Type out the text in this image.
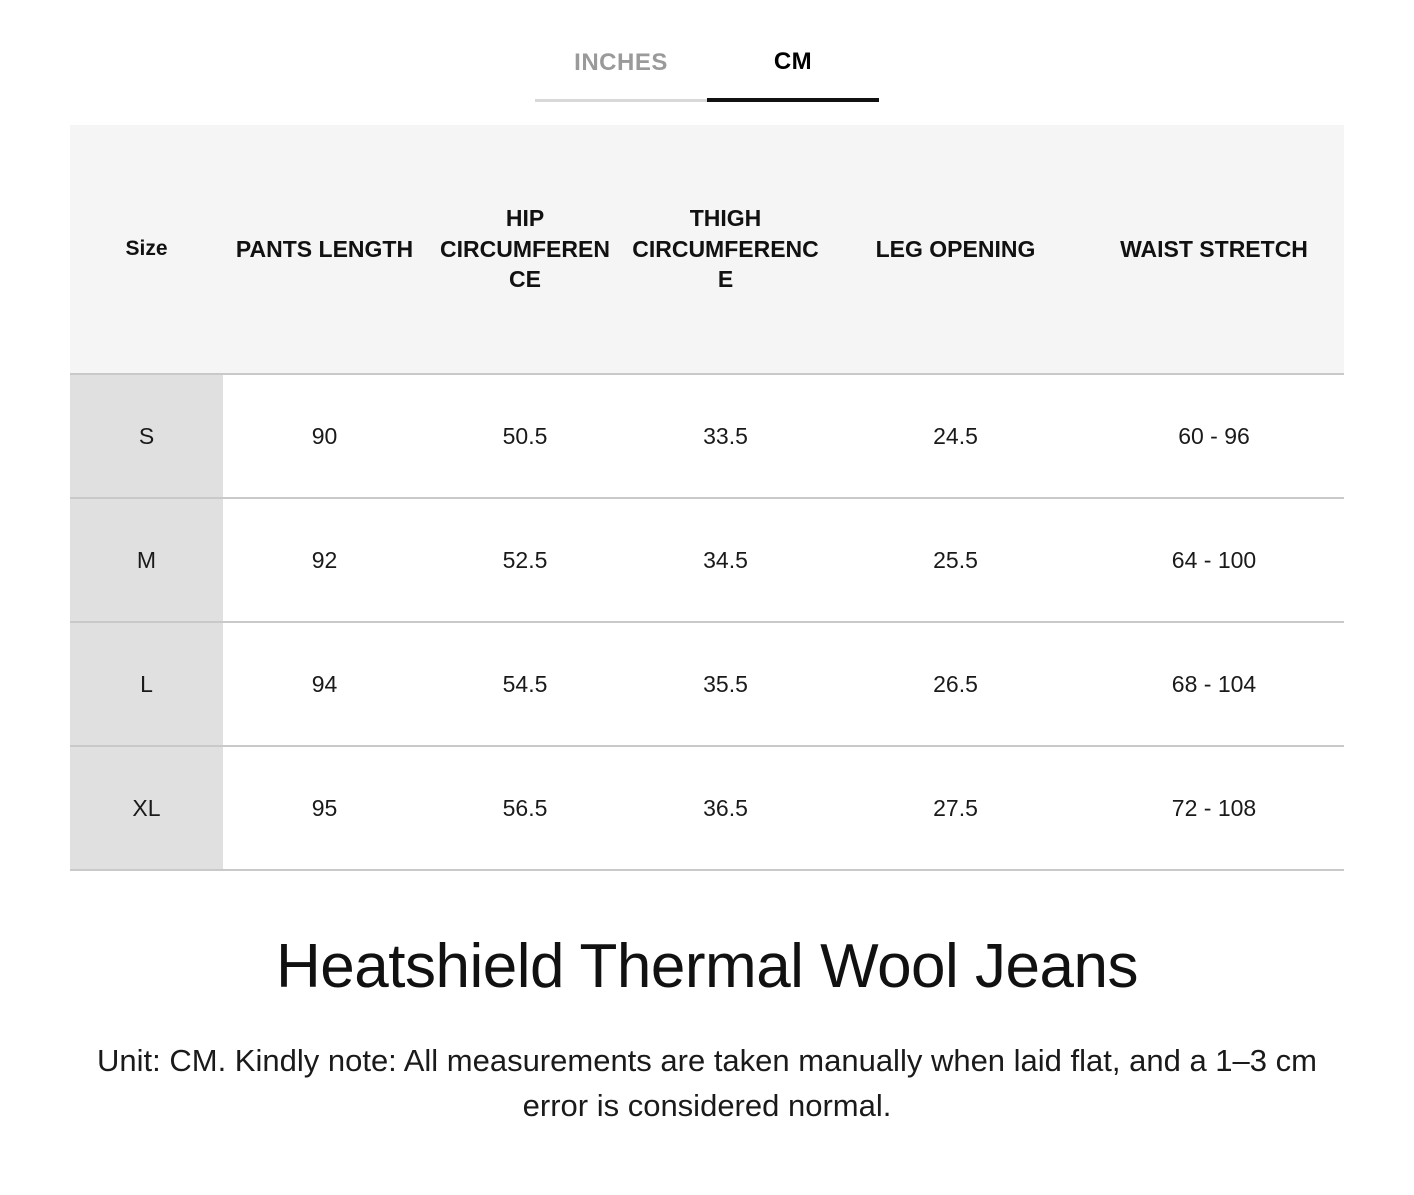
INCHES	CM
Size	PANTS LENGTH	HIP CIRCUMFERENCE	THIGH CIRCUMFERENCE	LEG OPENING	WAIST STRETCH
S	90	50.5	33.5	24.5	60 - 96
M	92	52.5	34.5	25.5	64 - 100
L	94	54.5	35.5	26.5	68 - 104
XL	95	56.5	36.5	27.5	72 - 108
Heatshield Thermal Wool Jeans

Unit: CM. Kindly note: All measurements are taken manually when laid flat, and a 1–3 cm error is considered normal.
